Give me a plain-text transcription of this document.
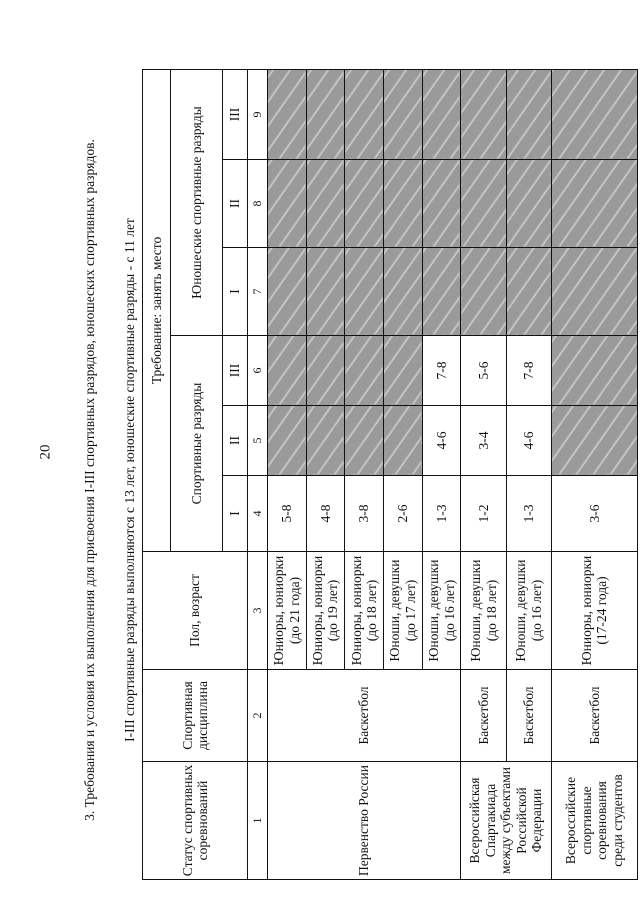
20 3. Требования и условия их выполнения для присвоения I-III спортивных разрядов, юношеских спортивных разрядов. I-III спортивные разряды выполняются с 13 лет, юношеские спортивные разряды - с 11 лет
Статус спортивных соревнований	Спортивная дисциплина	Пол, возраст	Требование: занять место					
			Спортивные разряды			Юношеские спортивные разряды		
			I	II	III	I	II	III
1	2	3	4	5	6	7	8	9
Первенство России	Баскетбол	Юниоры, юниорки (до 21 года)	5-8					
		Юниоры, юниорки (до 19 лет)	4-8					
		Юниоры, юниорки (до 18 лет)	3-8					
		Юноши, девушки (до 17 лет)	2-6					
		Юноши, девушки (до 16 лет)	1-3	4-6	7-8			
Всероссийская Спартакиада между субъектами Российской Федерации	Баскетбол	Юноши, девушки (до 18 лет)	1-2	3-4	5-6			
	Баскетбол	Юноши, девушки (до 16 лет)	1-3	4-6	7-8			
Всероссийские спортивные соревнования среди студентов	Баскетбол	Юниоры, юниорки (17-24 года)	3-6					
